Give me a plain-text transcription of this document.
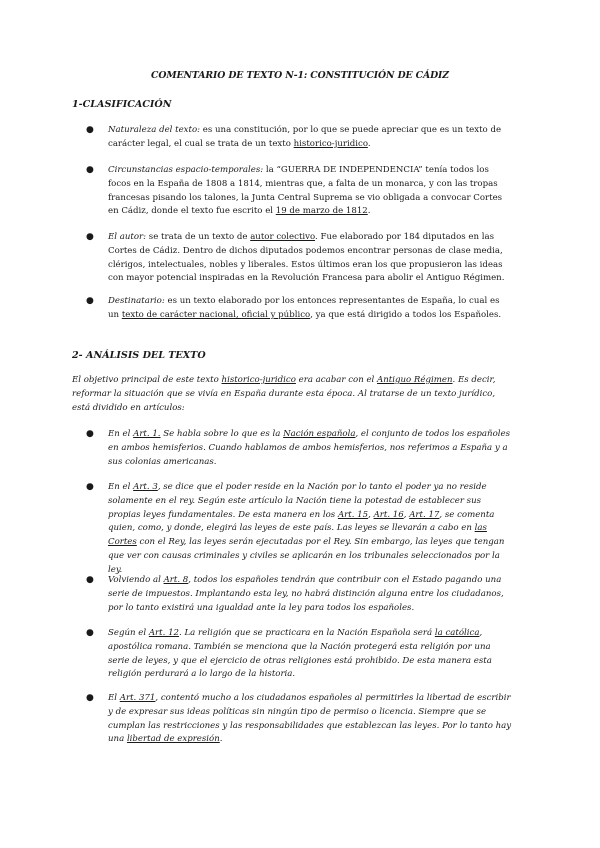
COMENTARIO DE TEXTO N-1: CONSTITUCIÓN DE CÁDIZ
1-CLASIFICACIÓN
● Naturaleza del texto: es una constitución, por lo que se puede apreciar que es un texto de carácter legal, el cual se trata de un texto historico-juridico.
● Circunstancias espacio-temporales: la “GUERRA DE INDEPENDENCIA” tenía todos los focos en la España de 1808 a 1814, mientras que, a falta de un monarca, y con las tropas francesas pisando los talones, la Junta Central Suprema se vio obligada a convocar Cortes en Cádiz, donde el texto fue escrito el 19 de marzo de 1812.
● El autor: se trata de un texto de autor colectivo. Fue elaborado por 184 diputados en las Cortes de Cádiz. Dentro de dichos diputados podemos encontrar personas de clase media, clérigos, intelectuales, nobles y liberales. Estos últimos eran los que propusieron las ideas con mayor potencial inspiradas en la Revolución Francesa para abolir el Antiguo Régimen.
● Destinatario: es un texto elaborado por los entonces representantes de España, lo cual es un texto de carácter nacional, oficial y público, ya que está dirigido a todos los Españoles.
2- ANÁLISIS DEL TEXTO
El objetivo principal de este texto historico-juridico era acabar con el Antiguo Régimen. Es decir, reformar la situación que se vivía en España durante esta época. Al tratarse de un texto jurídico, está dividido en artículos:
● En el Art. 1. Se habla sobre lo que es la Nación española, el conjunto de todos los españoles en ambos hemisferios. Cuando hablamos de ambos hemisferios, nos referimos a España y a sus colonias americanas.
● En el Art. 3, se dice que el poder reside en la Nación por lo tanto el poder ya no reside solamente en el rey. Según este artículo la Nación tiene la potestad de establecer sus propias leyes fundamentales. De esta manera en los Art. 15, Art. 16, Art. 17, se comenta quien, como, y donde, elegirá las leyes de este país. Las leyes se llevarán a cabo en las Cortes con el Rey, las leyes serán ejecutadas por el Rey. Sin embargo, las leyes que tengan que ver con causas criminales y civiles se aplicarán en los tribunales seleccionados por la ley.
● Volviendo al Art. 8, todos los españoles tendrán que contribuir con el Estado pagando una serie de impuestos. Implantando esta ley, no habrá distinción alguna entre los ciudadanos, por lo tanto existirá una igualdad ante la ley para todos los españoles.
● Según el Art. 12. La religión que se practicara en la Nación Española será la católica, apostólica romana. También se menciona que la Nación protegerá esta religión por una serie de leyes, y que el ejercicio de otras religiones está prohibido. De esta manera esta religión perdurará a lo largo de la historia.
● El Art. 371, contentó mucho a los ciudadanos españoles al permitirles la libertad de escribir y de expresar sus ideas políticas sin ningún tipo de permiso o licencia. Siempre que se cumplan las restricciones y las responsabilidades que establezcan las leyes. Por lo tanto hay una libertad de expresión.
